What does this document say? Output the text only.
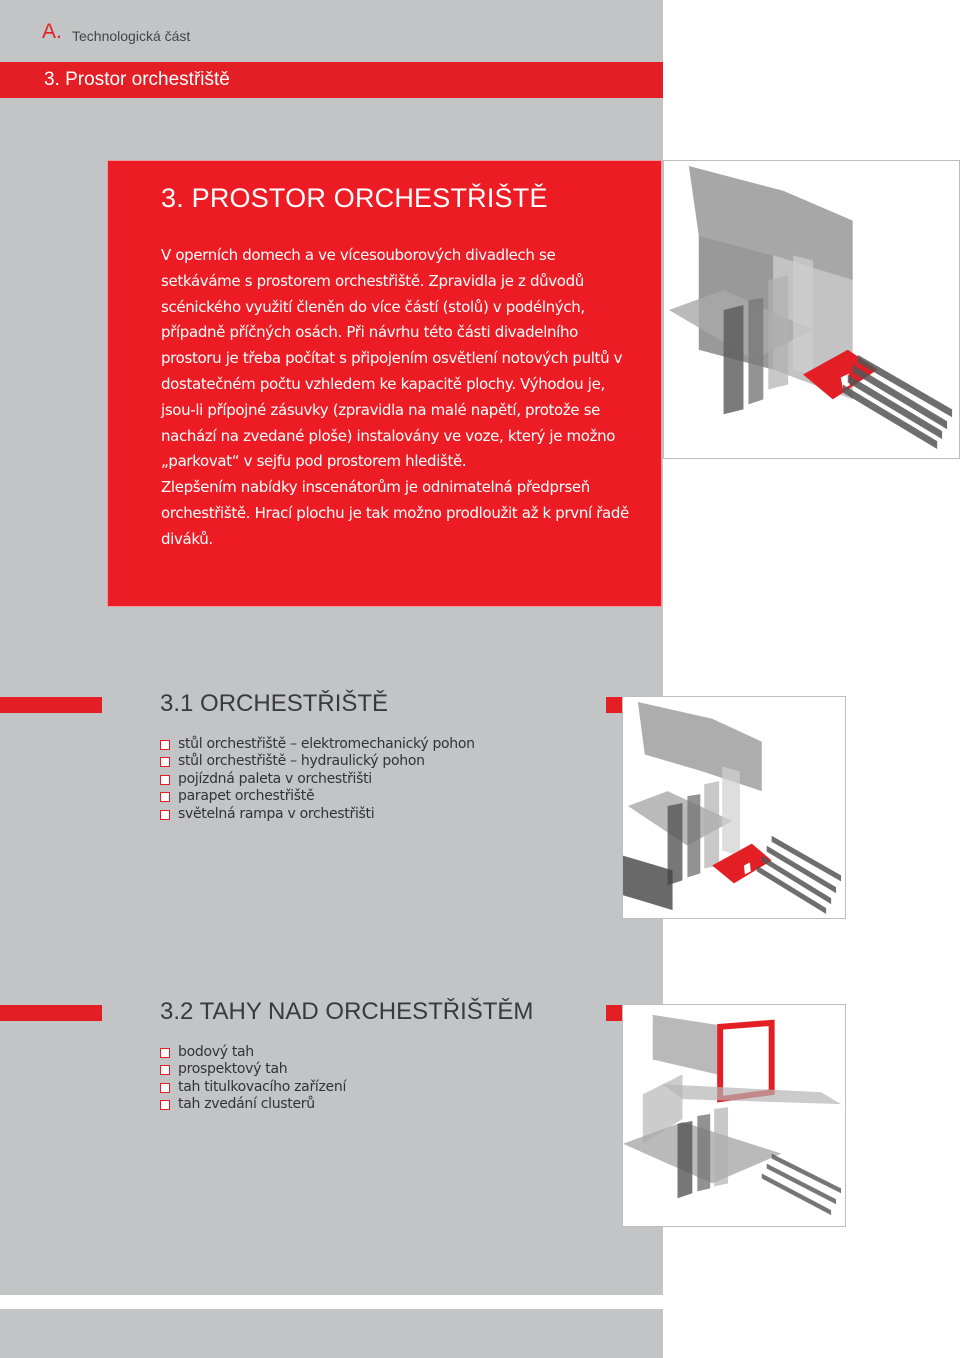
A. Technologická část
3. Prostor orchestřiště
3. PROSTOR ORCHESTŘIŠTĚ
V operních domech a ve vícesouborových divadlech se setkáváme s prostorem orchestřiště. Zpravidla je z důvodů scénického využití členěn do více částí (stolů) v podélných, případně příčných osách. Při návrhu této části divadelního prostoru je třeba počítat s připojením osvětlení notových pultů v dostatečném počtu vzhledem ke kapacitě plochy. Výhodou je, jsou-li přípojné zásuvky (zpravidla na malé napětí, protože se nachází na zvedané ploše) instalovány ve voze, který je možno „parkovat“ v sejfu pod prostorem hlediště.
Zlepšením nabídky inscenátorům je odnimatelná předprseň orchestřiště. Hrací plochu je tak možno prodloužit až k první řadě diváků.
3.1 ORCHESTŘIŠTĚ
stůl orchestřiště – elektromechanický pohon
stůl orchestřiště – hydraulický pohon
pojízdná paleta v orchestřišti
parapet orchestřiště
světelná rampa v orchestřišti
3.2 TAHY NAD ORCHESTŘIŠTĚM
bodový tah
prospektový tah
tah titulkovacího zařízení
tah zvedání clusterů
